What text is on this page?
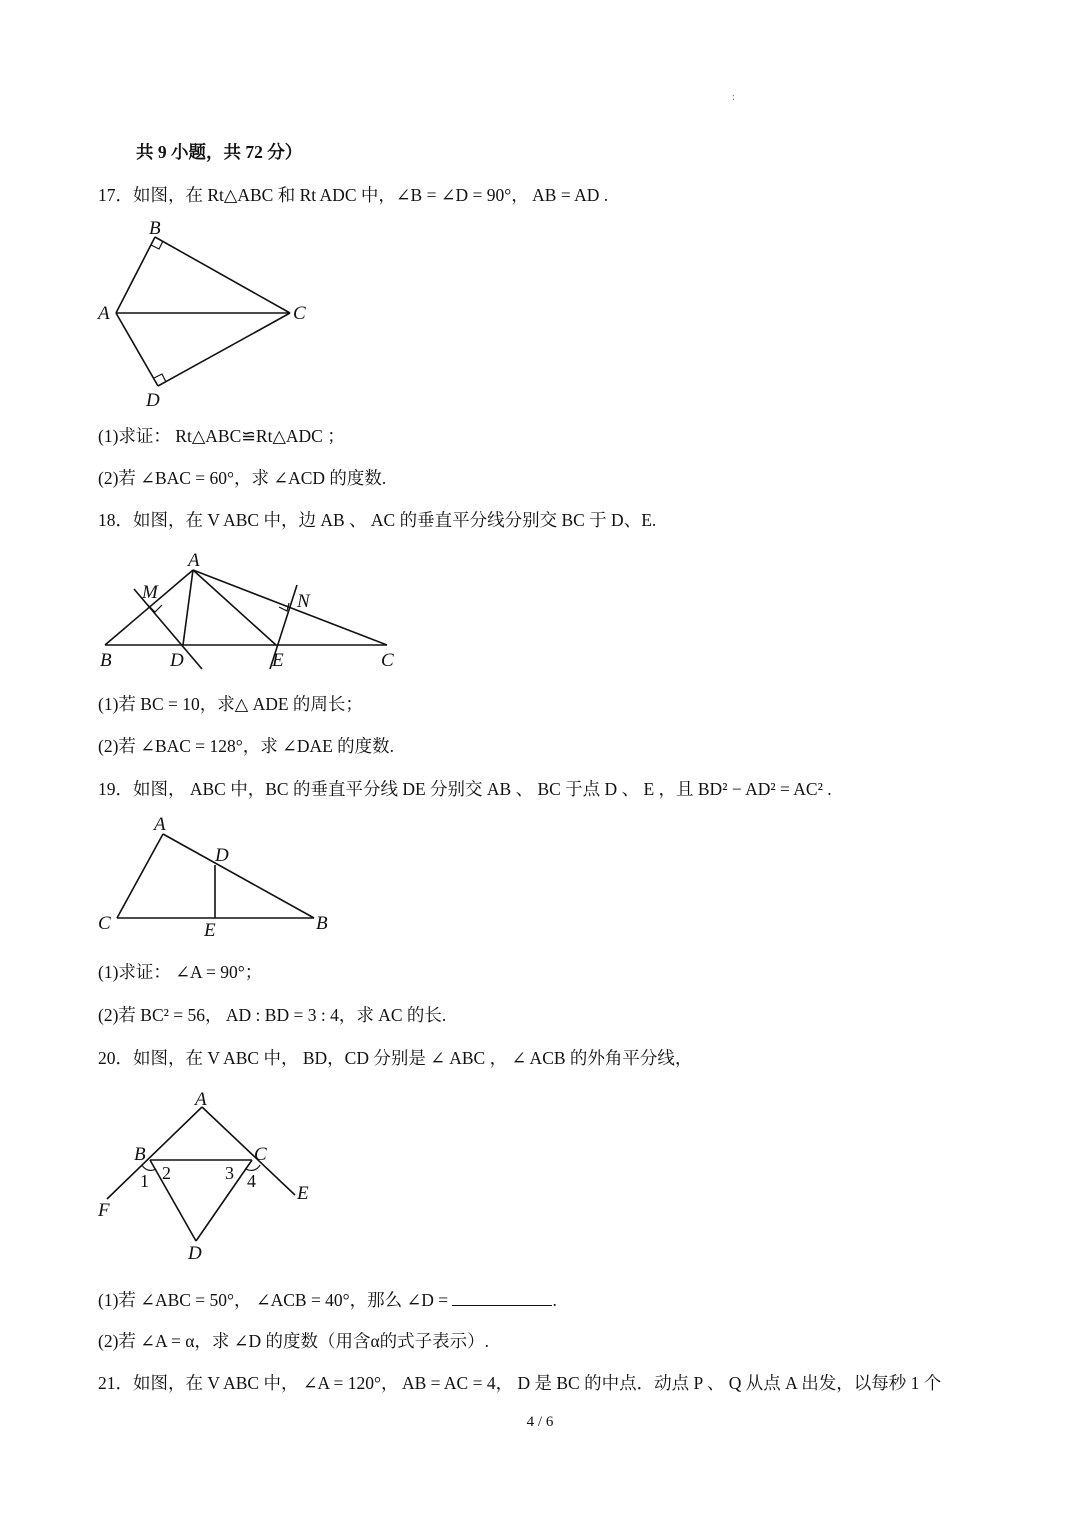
:
共 9 小题，共 72 分）
17．如图，在 Rt△ABC 和 Rt ADC 中，∠B = ∠D = 90°， AB = AD .
A
B
C
D
(1)求证： Rt△ABC≌Rt△ADC ；
(2)若 ∠BAC = 60°，求 ∠ACD 的度数.
18．如图，在 V ABC 中，边 AB 、 AC 的垂直平分线分别交 BC 于 D、E.
A
M	N
B	D	E	C
(1)若 BC = 10，求△ ADE 的周长；
(2)若 ∠BAC = 128°，求 ∠DAE 的度数.
19．如图， ABC 中，BC 的垂直平分线 DE 分别交 AB 、 BC 于点 D 、 E ，且 BD² − AD² = AC² .
A
D
C	E	B
(1)求证： ∠A = 90°；
(2)若 BC² = 56， AD : BD = 3 : 4，求 AC 的长.
20．如图，在 V ABC 中， BD，CD 分别是 ∠ ABC ， ∠ ACB 的外角平分线，
A
B	C
1 2	3 4
F
E
D
(1)若 ∠ABC = 50°， ∠ACB = 40°，那么 ∠D =	.
(2)若 ∠A = α，求 ∠D 的度数（用含α的式子表示）.
21．如图，在 V ABC 中， ∠A = 120°， AB = AC = 4， D 是 BC 的中点．动点 P 、 Q 从点 A 出发，以每秒 1 个
4 / 6
